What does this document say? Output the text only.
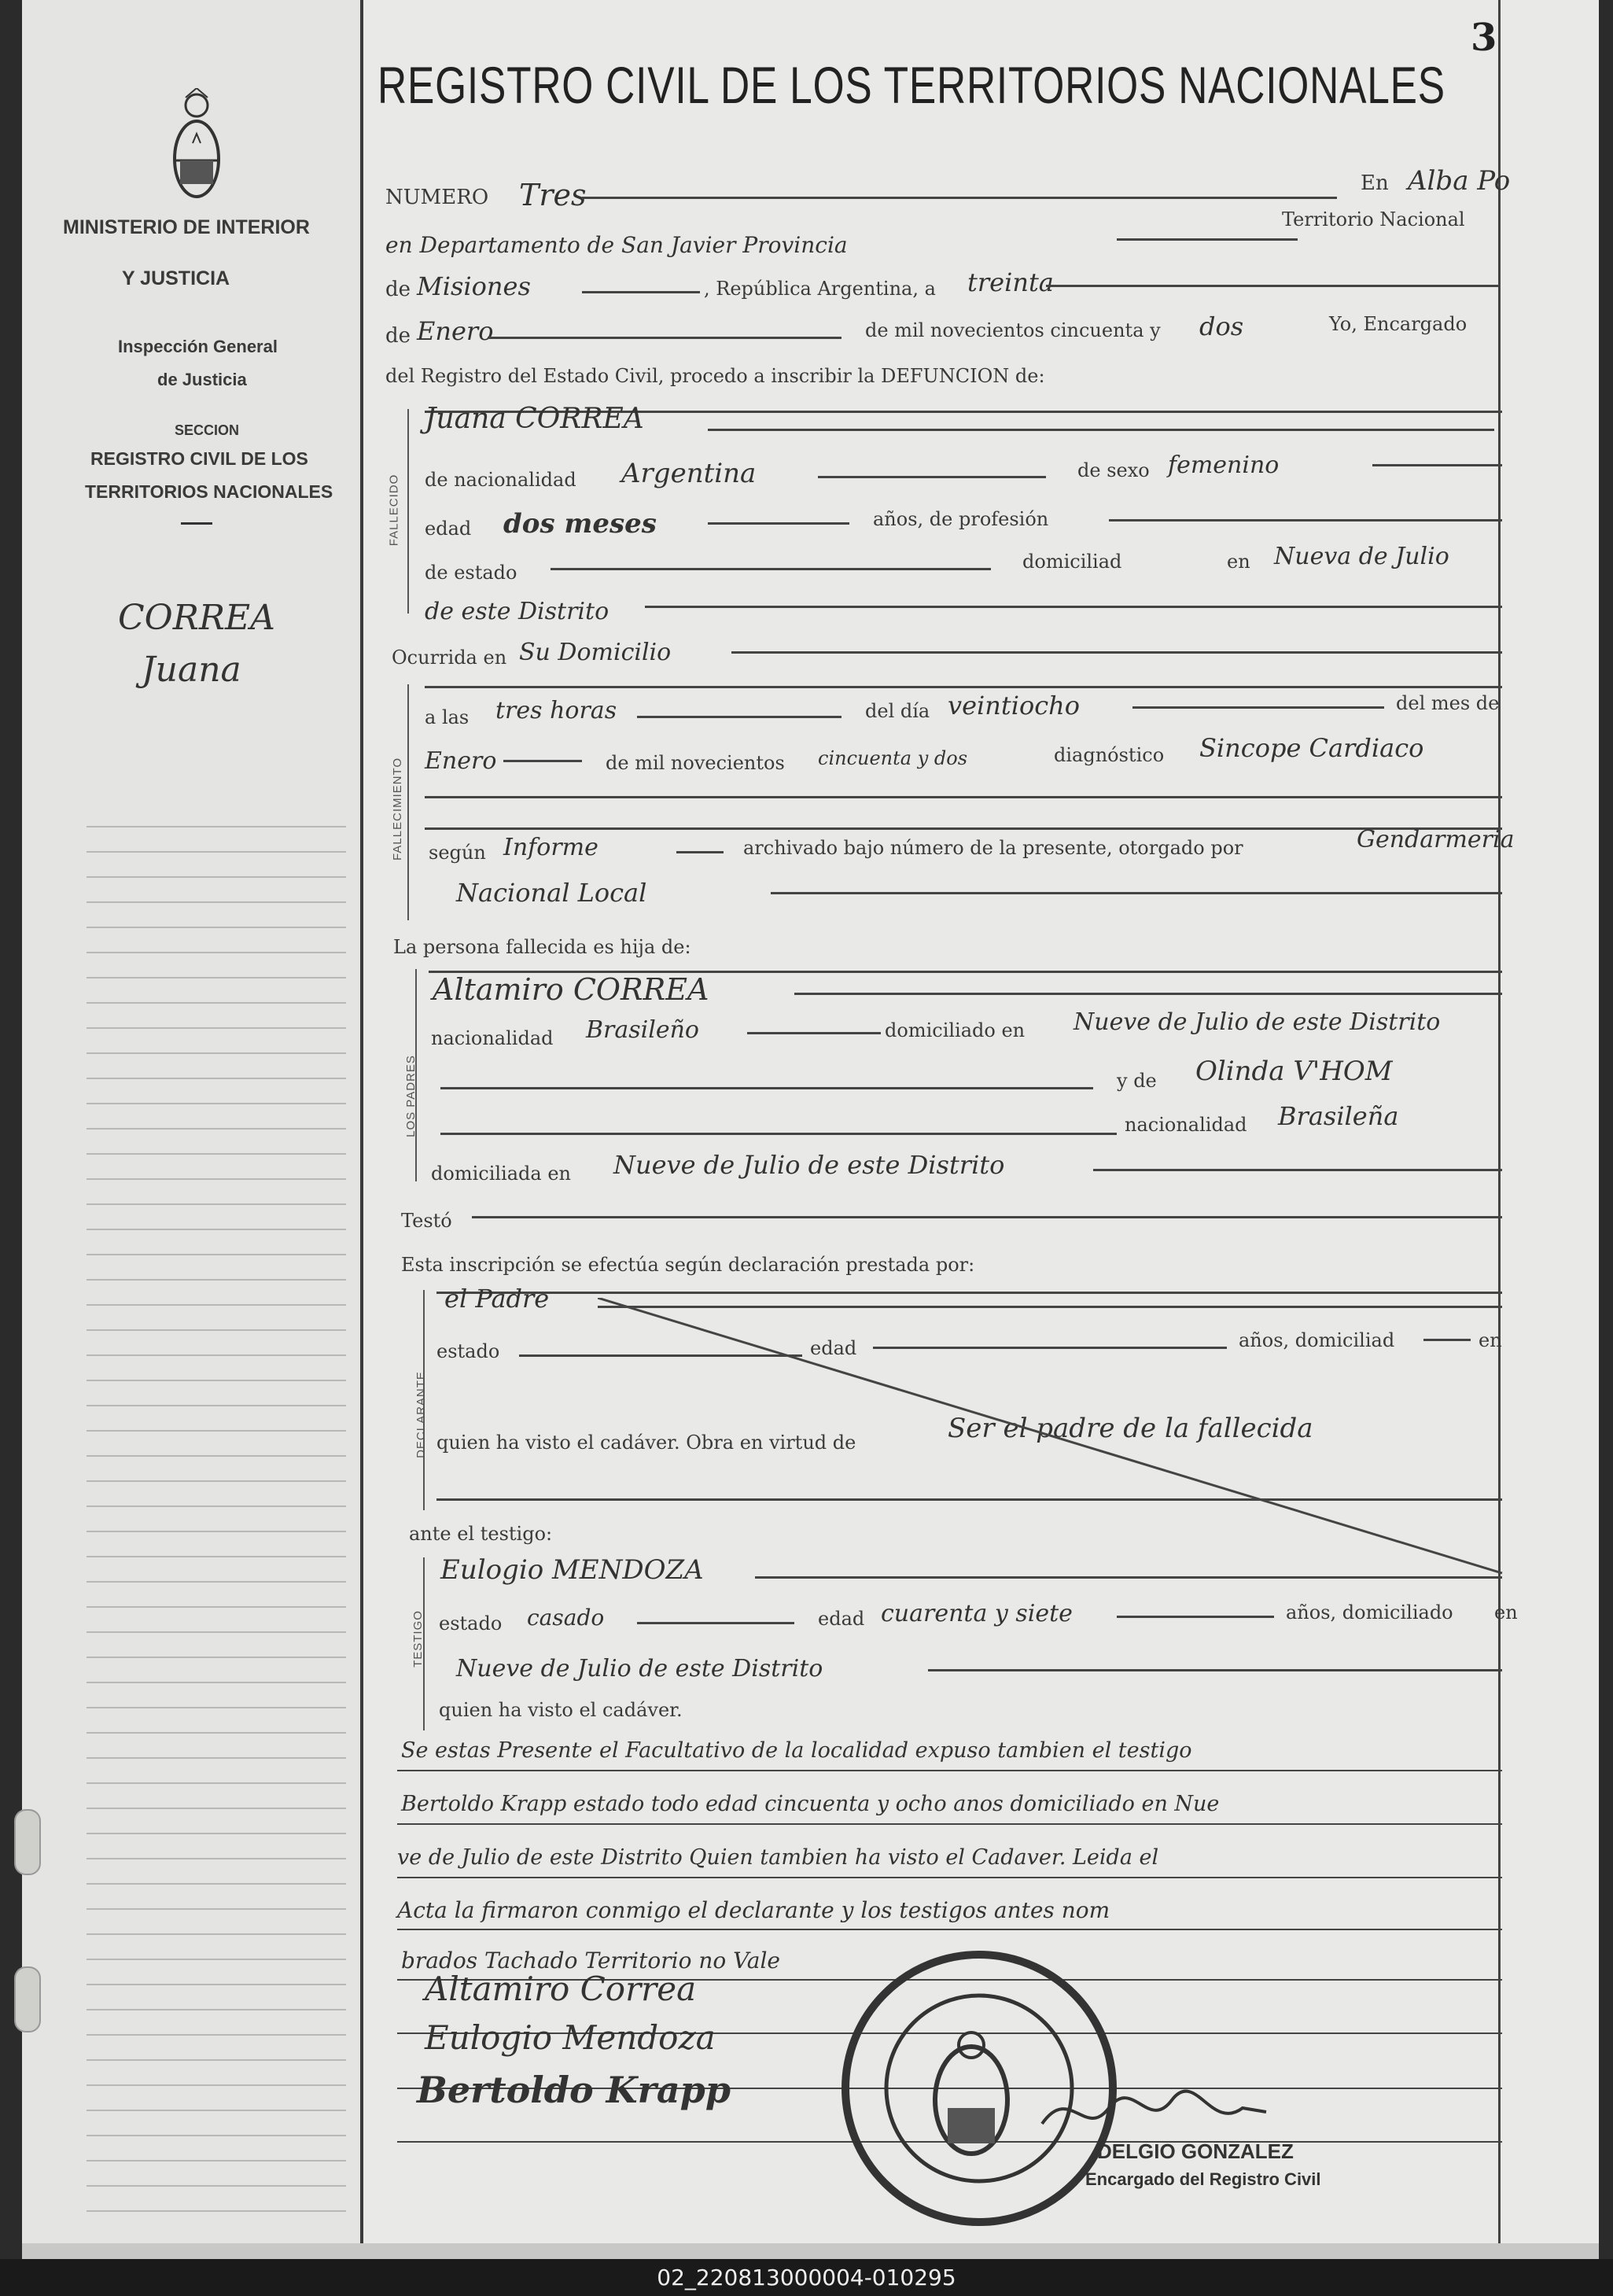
MINISTERIO DE INTERIOR
Y JUSTICIA
Inspección General
de Justicia
SECCION
REGISTRO CIVIL DE LOS
TERRITORIOS NACIONALES
CORREA
Juana
3
REGISTRO CIVIL DE LOS TERRITORIOS NACIONALES
NUMERO Tres	En Alba Po
en Departamento de San Javier Provincia
Territorio Nacional
de Misiones	, República Argentina, a treinta
de Enero	de mil novecientos cincuenta y dos	Yo, Encargado
del Registro del Estado Civil, procedo a inscribir la DEFUNCION de:
FALLECIDO
Juana CORREA
de nacionalidad Argentina	de sexo femenino
edad dos meses	años, de profesión
de estado	domiciliad	en Nueva de Julio
de este Distrito
Ocurrida en Su Domicilio
FALLECIMIENTO
a las tres horas	del día veintiocho	del mes de
Enero	de mil novecientos cincuenta y dos	diagnóstico Sincope Cardiaco
según Informe	archivado bajo número de la presente, otorgado por	Gendarmeria
Nacional Local
La persona fallecida es hija de:
LOS PADRES
Altamiro CORREA
nacionalidad Brasileño	domiciliado en Nueve de Julio de este Distrito
y de Olinda V'HOM
nacionalidad Brasileña
domiciliada en Nueve de Julio de este Distrito
Testó
Esta inscripción se efectúa según declaración prestada por:
DECLARANTE
el Padre
estado	edad	años, domiciliad	en
quien ha visto el cadáver. Obra en virtud de	Ser el padre de la fallecida
ante el testigo:
TESTIGO
Eulogio MENDOZA
estado casado	edad cuarenta y siete	años, domiciliado en
Nueve de Julio de este Distrito
quien ha visto el cadáver.
Se estas Presente el Facultativo de la localidad expuso tambien el testigo
Bertoldo Krapp estado todo edad cincuenta y ocho anos domiciliado en Nue
ve de Julio de este Distrito Quien tambien ha visto el Cadaver. Leida el
Acta la firmaron conmigo el declarante y los testigos antes nom
brados Tachado Territorio no Vale
Altamiro Correa
Eulogio Mendoza
Bertoldo Krapp
DELGIO GONZALEZ
Encargado del Registro Civil
02_220813000004-010295
